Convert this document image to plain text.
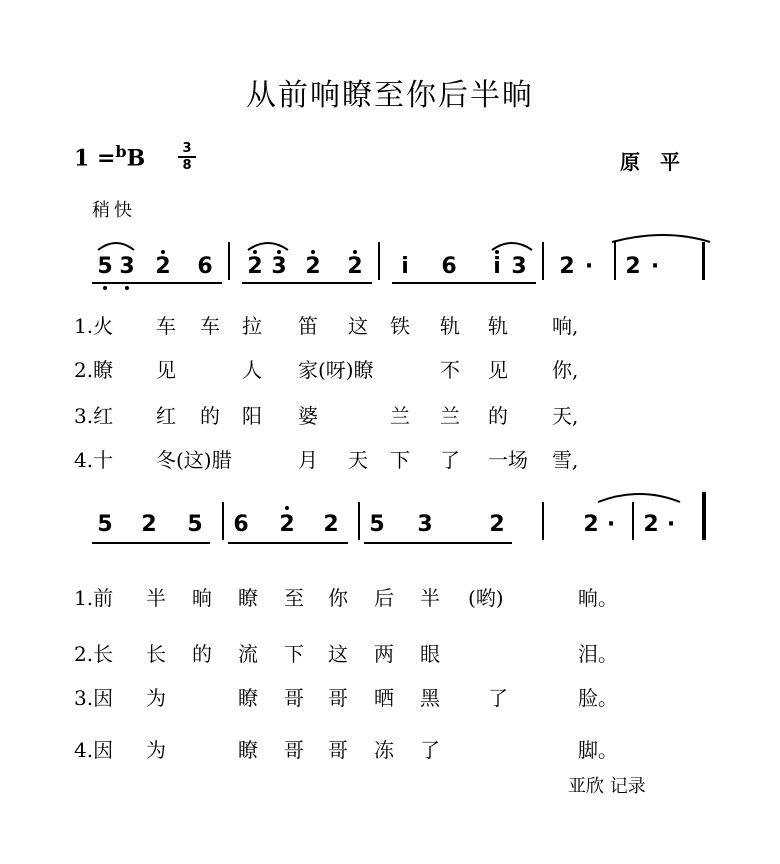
从前响瞭至你后半晌
1 =$^b$B	3
8	原平
稍快
5 3 2 6 2 3 2 2	i	6	i 3 2 ·	2 ·
1.火 车 车 拉 笛 这 铁 轨 轨 响,
2.瞭 见	人 家(呀)瞭	不 见 你,
3.红 红 的 阳 婆	兰 兰 的 天,
4.十 冬(这)腊	月 天 下 了 一场 雪,
5 2 5 6 2 2 5 3	2	2 ·	2 ·
1.前 半 晌 瞭 至 你 后 半 (哟)	晌。
2.长 长 的 流 下 这 两 眼	泪。
3.因 为	瞭 哥 哥 晒 黑 了	脸。
4.因 为	瞭 哥 哥 冻 了	脚。
亚欣 记录
